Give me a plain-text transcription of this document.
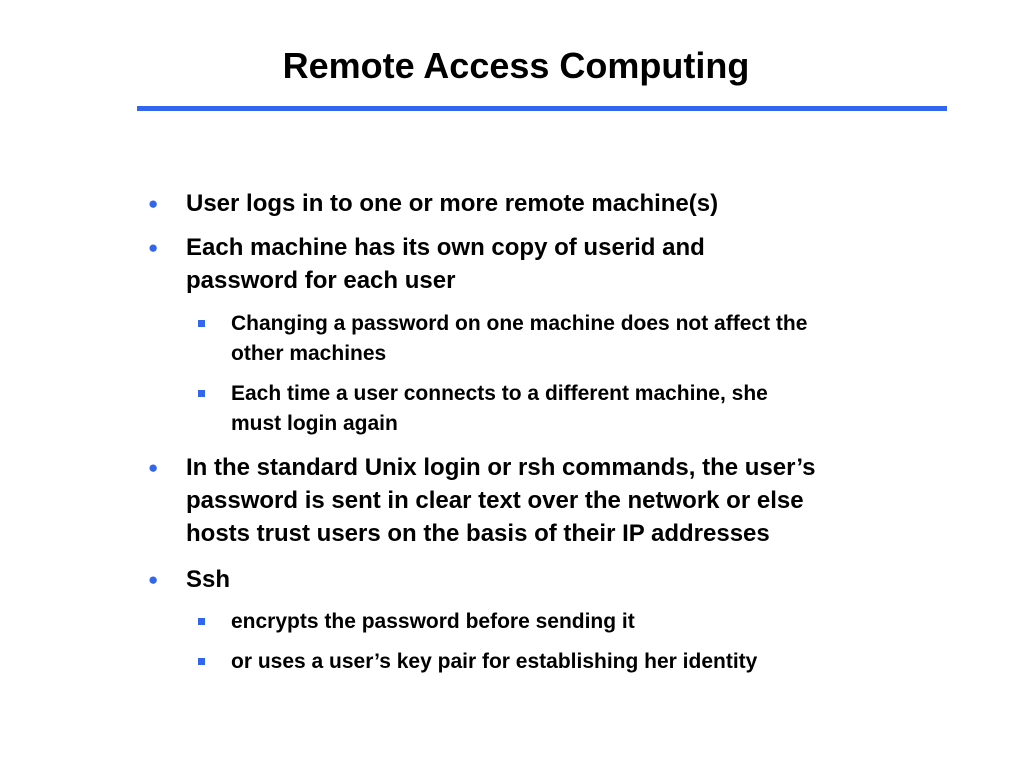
Remote Access Computing
● User logs in to one or more remote machine(s)
● Each machine has its own copy of userid and
password for each user
Changing a password on one machine does not affect the
other machines
Each time a user connects to a different machine, she
must login again
● In the standard Unix login or rsh commands, the user’s
password is sent in clear text over the network or else
hosts trust users on the basis of their IP addresses
● Ssh
encrypts the password before sending it
or uses a user’s key pair for establishing her identity
